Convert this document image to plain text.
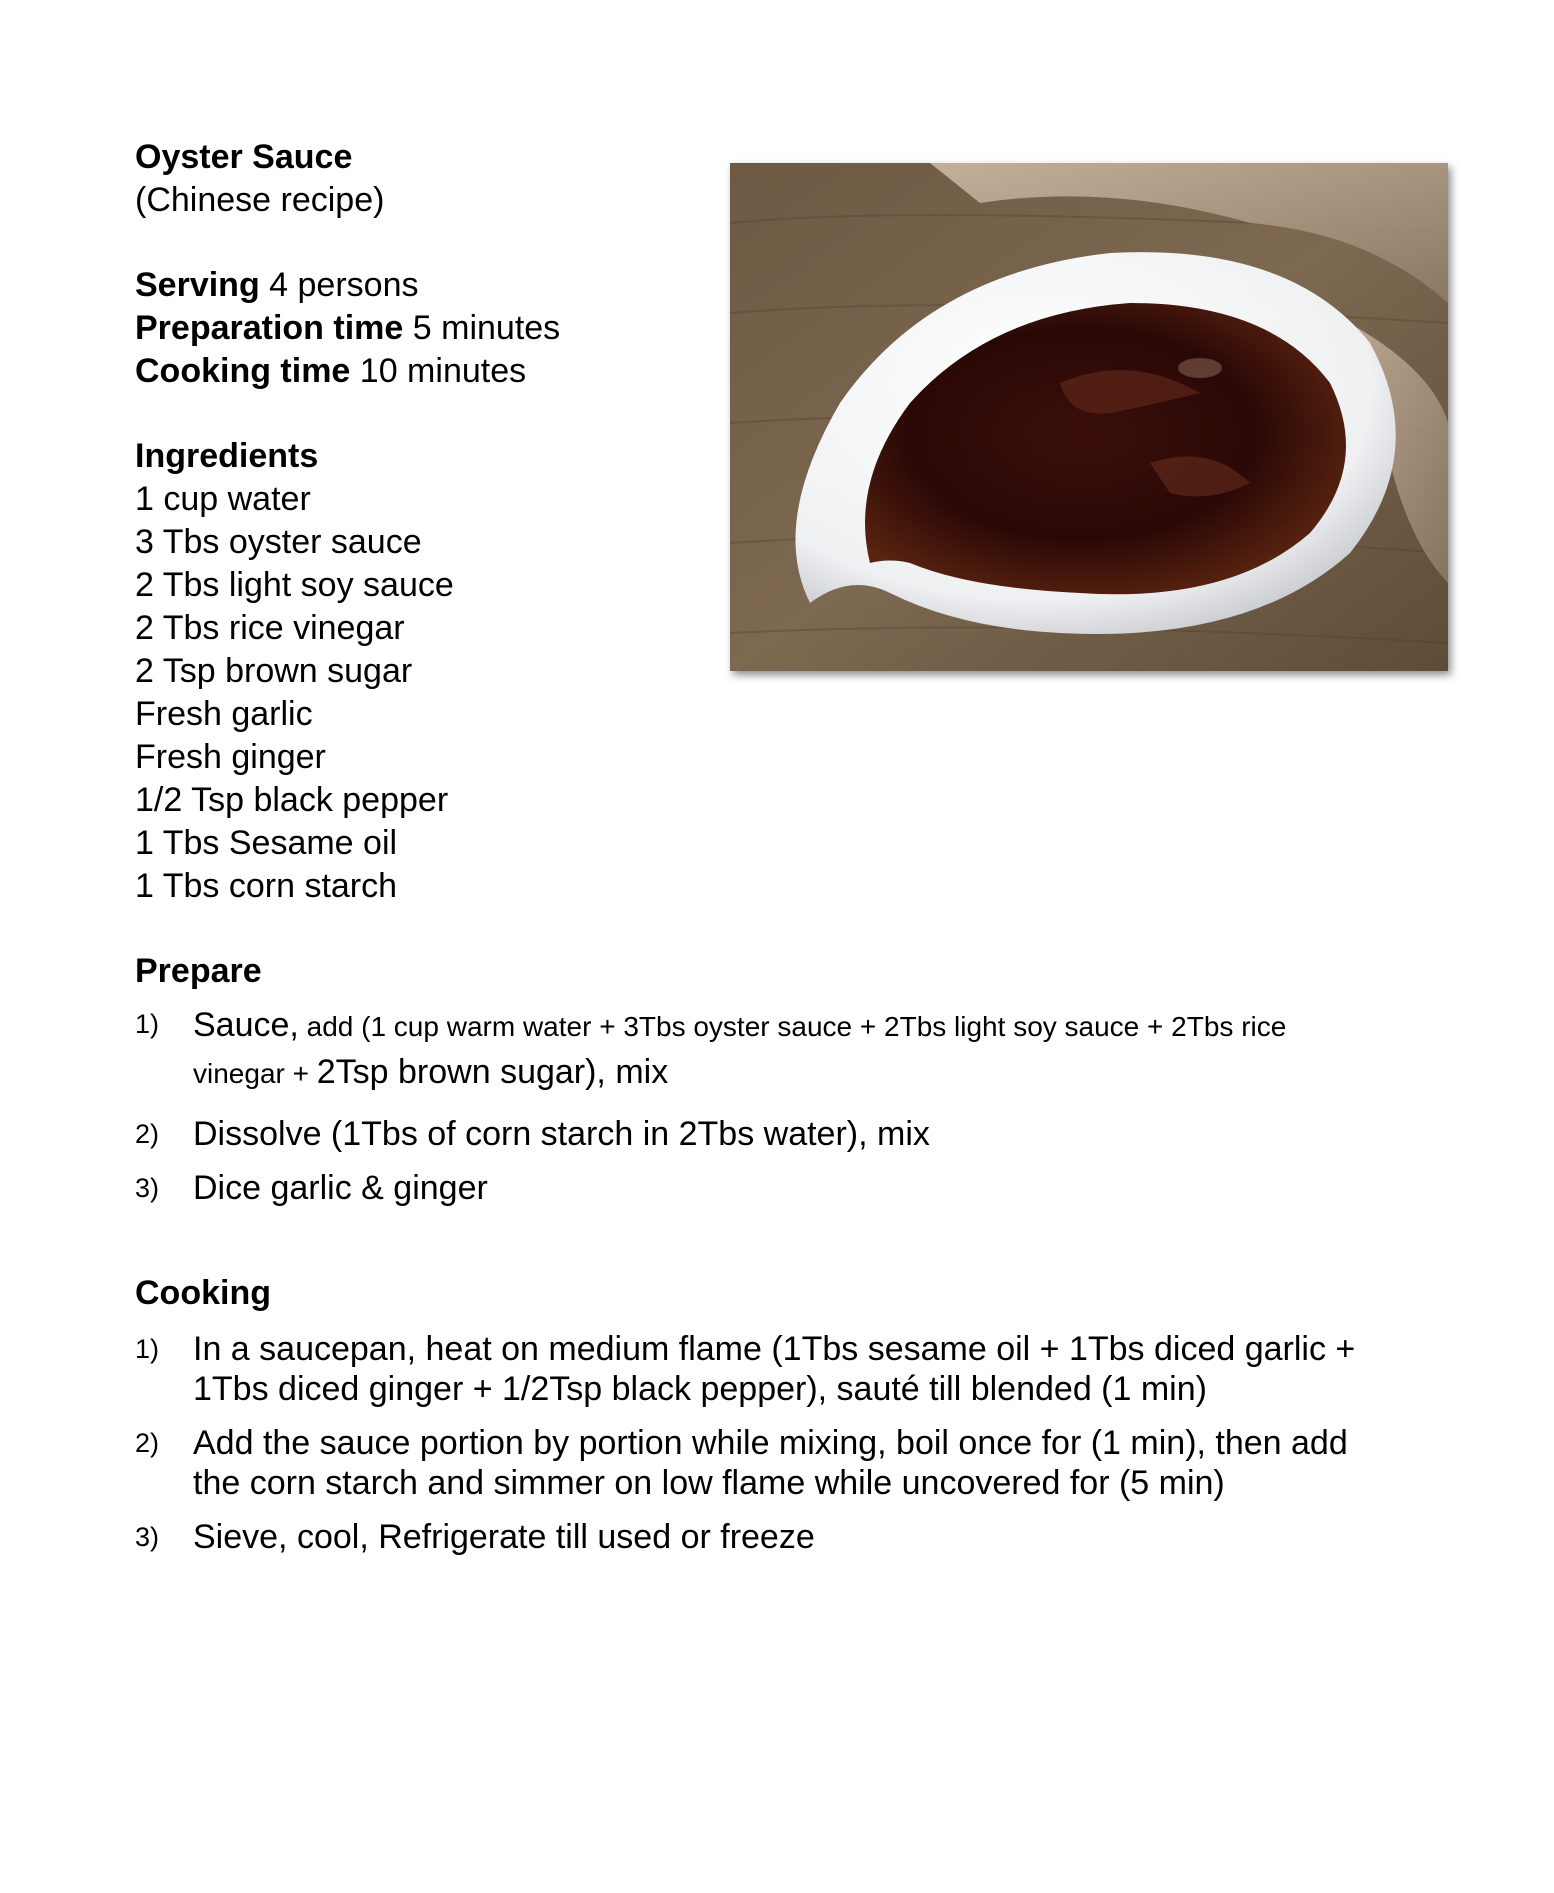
Oyster Sauce
(Chinese recipe)
Serving 4 persons
Preparation time 5 minutes
Cooking time 10 minutes
Ingredients
1 cup water
3 Tbs oyster sauce
2 Tbs light soy sauce
2 Tbs rice vinegar
2 Tsp brown sugar
Fresh garlic
Fresh ginger
1/2 Tsp black pepper
1 Tbs Sesame oil
1 Tbs corn starch
Prepare
1) Sauce, add (1 cup warm water + 3Tbs oyster sauce + 2Tbs light soy sauce + 2Tbs rice
vinegar + 2Tsp brown sugar), mix
2) Dissolve (1Tbs of corn starch in 2Tbs water), mix
3) Dice garlic & ginger
Cooking
1) In a saucepan, heat on medium flame (1Tbs sesame oil + 1Tbs diced garlic +
1Tbs diced ginger + 1/2Tsp black pepper), sauté till blended (1 min)
2) Add the sauce portion by portion while mixing, boil once for (1 min), then add
the corn starch and simmer on low flame while uncovered for (5 min)
3) Sieve, cool, Refrigerate till used or freeze
